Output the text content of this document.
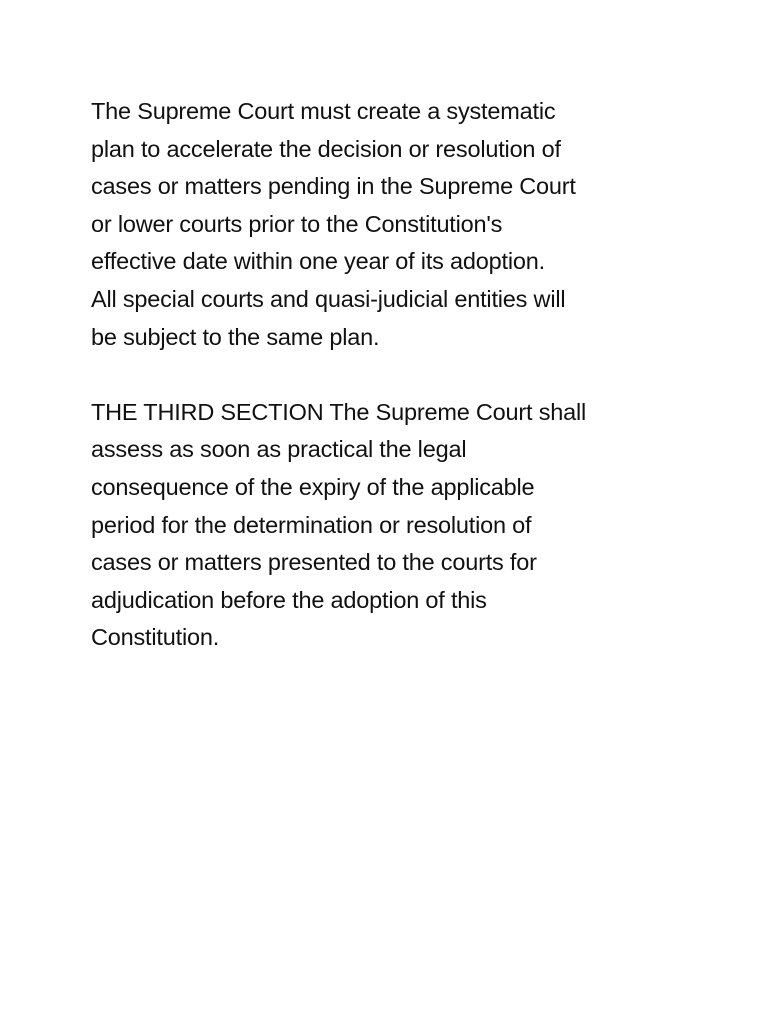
The Supreme Court must create a systematic
plan to accelerate the decision or resolution of
cases or matters pending in the Supreme Court
or lower courts prior to the Constitution's
effective date within one year of its adoption.
All special courts and quasi-judicial entities will
be subject to the same plan.
THE THIRD SECTION The Supreme Court shall
assess as soon as practical the legal
consequence of the expiry of the applicable
period for the determination or resolution of
cases or matters presented to the courts for
adjudication before the adoption of this
Constitution.
